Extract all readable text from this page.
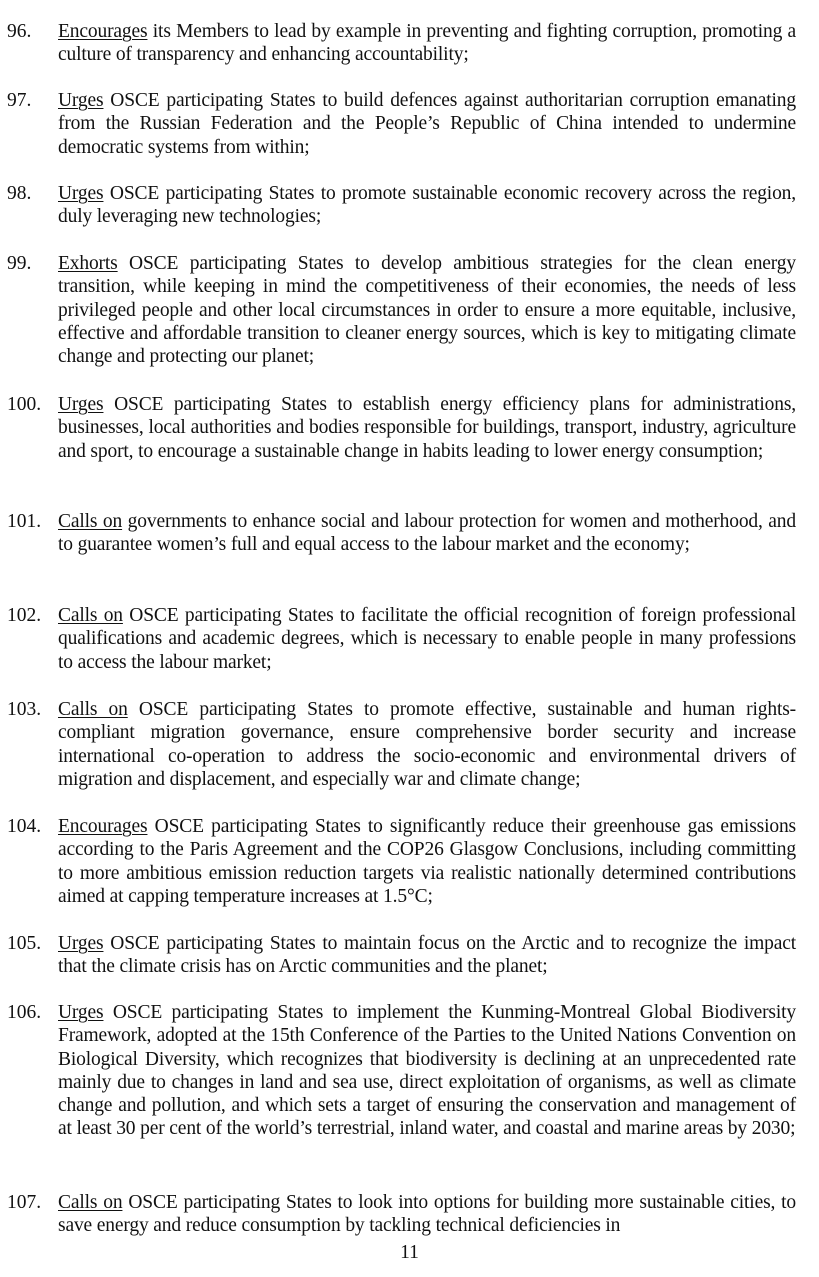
96. Encourages its Members to lead by example in preventing and fighting corruption, promoting a culture of transparency and enhancing accountability;
97. Urges OSCE participating States to build defences against authoritarian corruption emanating from the Russian Federation and the People’s Republic of China intended to undermine democratic systems from within;
98. Urges OSCE participating States to promote sustainable economic recovery across the region, duly leveraging new technologies;
99. Exhorts OSCE participating States to develop ambitious strategies for the clean energy transition, while keeping in mind the competitiveness of their economies, the needs of less privileged people and other local circumstances in order to ensure a more equitable, inclusive, effective and affordable transition to cleaner energy sources, which is key to mitigating climate change and protecting our planet;
100. Urges OSCE participating States to establish energy efficiency plans for administrations, businesses, local authorities and bodies responsible for buildings, transport, industry, agriculture and sport, to encourage a sustainable change in habits leading to lower energy consumption;
101. Calls on governments to enhance social and labour protection for women and motherhood, and to guarantee women’s full and equal access to the labour market and the economy;
102. Calls on OSCE participating States to facilitate the official recognition of foreign professional qualifications and academic degrees, which is necessary to enable people in many professions to access the labour market;
103. Calls on OSCE participating States to promote effective, sustainable and human rights-compliant migration governance, ensure comprehensive border security and increase international co-operation to address the socio-economic and environmental drivers of migration and displacement, and especially war and climate change;
104. Encourages OSCE participating States to significantly reduce their greenhouse gas emissions according to the Paris Agreement and the COP26 Glasgow Conclusions, including committing to more ambitious emission reduction targets via realistic nationally determined contributions aimed at capping temperature increases at 1.5°C;
105. Urges OSCE participating States to maintain focus on the Arctic and to recognize the impact that the climate crisis has on Arctic communities and the planet;
106. Urges OSCE participating States to implement the Kunming-Montreal Global Biodiversity Framework, adopted at the 15th Conference of the Parties to the United Nations Convention on Biological Diversity, which recognizes that biodiversity is declining at an unprecedented rate mainly due to changes in land and sea use, direct exploitation of organisms, as well as climate change and pollution, and which sets a target of ensuring the conservation and management of at least 30 per cent of the world’s terrestrial, inland water, and coastal and marine areas by 2030;
107. Calls on OSCE participating States to look into options for building more sustainable cities, to save energy and reduce consumption by tackling technical deficiencies in
11
